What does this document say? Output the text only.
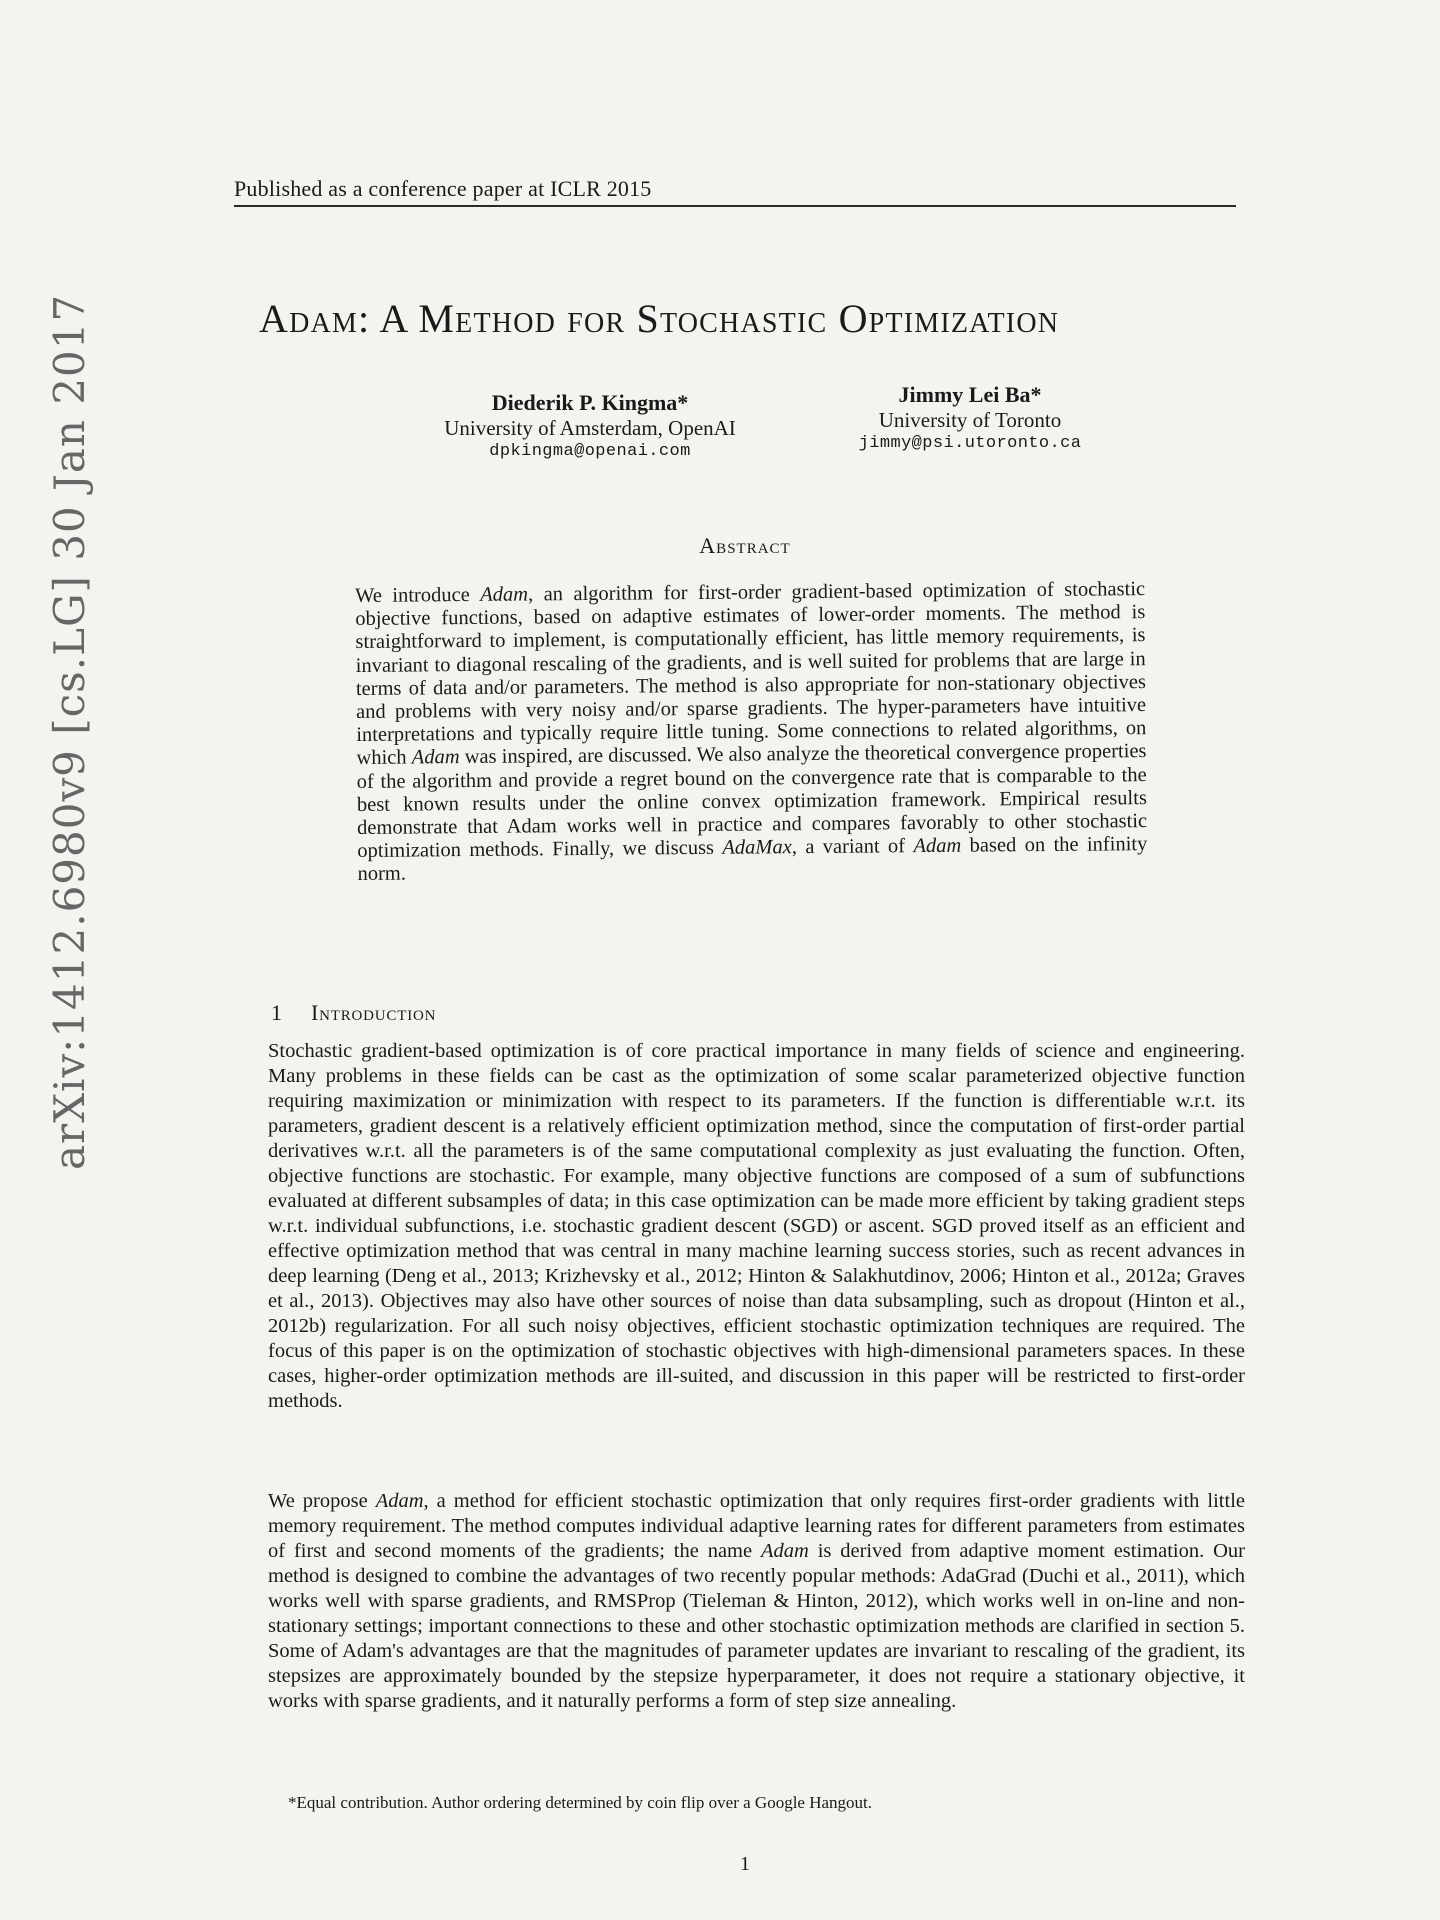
Published as a conference paper at ICLR 2015
Adam: A Method for Stochastic Optimization
Diederik P. Kingma*
University of Amsterdam, OpenAI
dpkingma@openai.com
Jimmy Lei Ba*
University of Toronto
jimmy@psi.utoronto.ca
Abstract
We introduce Adam, an algorithm for first-order gradient-based optimization of stochastic objective functions, based on adaptive estimates of lower-order moments. The method is straightforward to implement, is computationally efficient, has little memory requirements, is invariant to diagonal rescaling of the gradients, and is well suited for problems that are large in terms of data and/or parameters. The method is also appropriate for non-stationary objectives and problems with very noisy and/or sparse gradients. The hyper-parameters have intuitive interpretations and typically require little tuning. Some connections to related algorithms, on which Adam was inspired, are discussed. We also analyze the theoretical convergence properties of the algorithm and provide a regret bound on the convergence rate that is comparable to the best known results under the online convex optimization framework. Empirical results demonstrate that Adam works well in practice and compares favorably to other stochastic optimization methods. Finally, we discuss AdaMax, a variant of Adam based on the infinity norm.
1 Introduction
Stochastic gradient-based optimization is of core practical importance in many fields of science and engineering. Many problems in these fields can be cast as the optimization of some scalar parameterized objective function requiring maximization or minimization with respect to its parameters. If the function is differentiable w.r.t. its parameters, gradient descent is a relatively efficient optimization method, since the computation of first-order partial derivatives w.r.t. all the parameters is of the same computational complexity as just evaluating the function. Often, objective functions are stochastic. For example, many objective functions are composed of a sum of subfunctions evaluated at different subsamples of data; in this case optimization can be made more efficient by taking gradient steps w.r.t. individual subfunctions, i.e. stochastic gradient descent (SGD) or ascent. SGD proved itself as an efficient and effective optimization method that was central in many machine learning success stories, such as recent advances in deep learning (Deng et al., 2013; Krizhevsky et al., 2012; Hinton & Salakhutdinov, 2006; Hinton et al., 2012a; Graves et al., 2013). Objectives may also have other sources of noise than data subsampling, such as dropout (Hinton et al., 2012b) regularization. For all such noisy objectives, efficient stochastic optimization techniques are required. The focus of this paper is on the optimization of stochastic objectives with high-dimensional parameters spaces. In these cases, higher-order optimization methods are ill-suited, and discussion in this paper will be restricted to first-order methods.
We propose Adam, a method for efficient stochastic optimization that only requires first-order gradients with little memory requirement. The method computes individual adaptive learning rates for different parameters from estimates of first and second moments of the gradients; the name Adam is derived from adaptive moment estimation. Our method is designed to combine the advantages of two recently popular methods: AdaGrad (Duchi et al., 2011), which works well with sparse gradients, and RMSProp (Tieleman & Hinton, 2012), which works well in on-line and non-stationary settings; important connections to these and other stochastic optimization methods are clarified in section 5. Some of Adam's advantages are that the magnitudes of parameter updates are invariant to rescaling of the gradient, its stepsizes are approximately bounded by the stepsize hyperparameter, it does not require a stationary objective, it works with sparse gradients, and it naturally performs a form of step size annealing.
*Equal contribution. Author ordering determined by coin flip over a Google Hangout.
1
arXiv:1412.6980v9 [cs.LG] 30 Jan 2017
